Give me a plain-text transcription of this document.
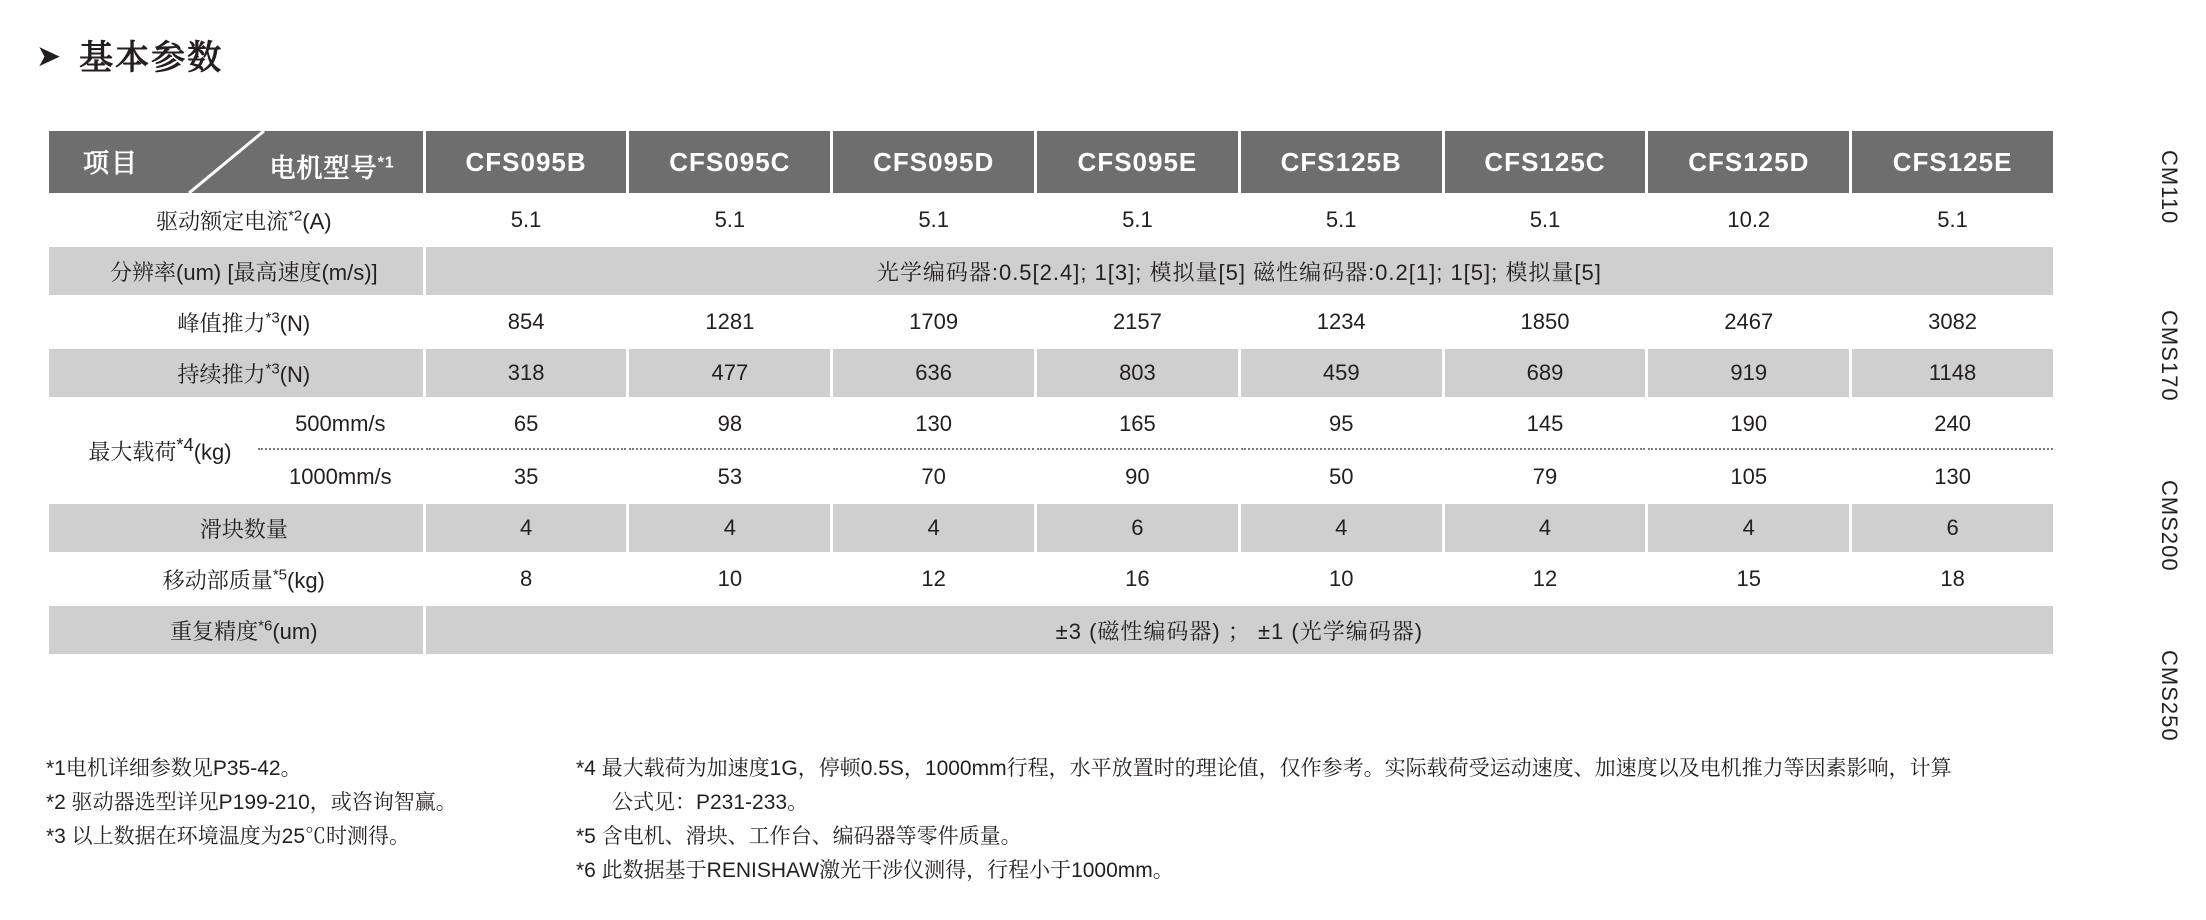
➤ 基本参数
项目 电机型号$^{*1}$		CFS095B	CFS095C	CFS095D	CFS095E	CFS125B	CFS125C	CFS125D	CFS125E
驱动额定电流$^{*2}$(A)		5.1	5.1	5.1	5.1	5.1	5.1	10.2	5.1
分辨率(um) [最高速度(m/s)]		光学编码器:0.5[2.4]; 1[3]; 模拟量[5] 磁性编码器:0.2[1]; 1[5]; 模拟量[5]							
峰值推力$^{*3}$(N)		854	1281	1709	2157	1234	1850	2467	3082
持续推力$^{*3}$(N)		318	477	636	803	459	689	919	1148
最大载荷$^{*4}$(kg)	500mm/s	65	98	130	165	95	145	190	240
	1000mm/s	35	53	70	90	50	79	105	130
滑块数量		4	4	4	6	4	4	4	6
移动部质量$^{*5}$(kg)		8	10	12	16	10	12	15	18
重复精度$^{*6}$(um)		±3 (磁性编码器) ； ±1 (光学编码器)							
*1电机详细参数见P35-42。
*2 驱动器选型详见P199-210，或咨询智赢。
*3 以上数据在环境温度为25℃时测得。
*4 最大载荷为加速度1G，停顿0.5S，1000mm行程，水平放置时的理论值，仅作参考。实际载荷受运动速度、加速度以及电机推力等因素影响，计算
公式见：P231-233。
*5 含电机、滑块、工作台、编码器等零件质量。
*6 此数据基于RENISHAW激光干涉仪测得，行程小于1000mm。
CM110
CMS170
CMS200
CMS250
